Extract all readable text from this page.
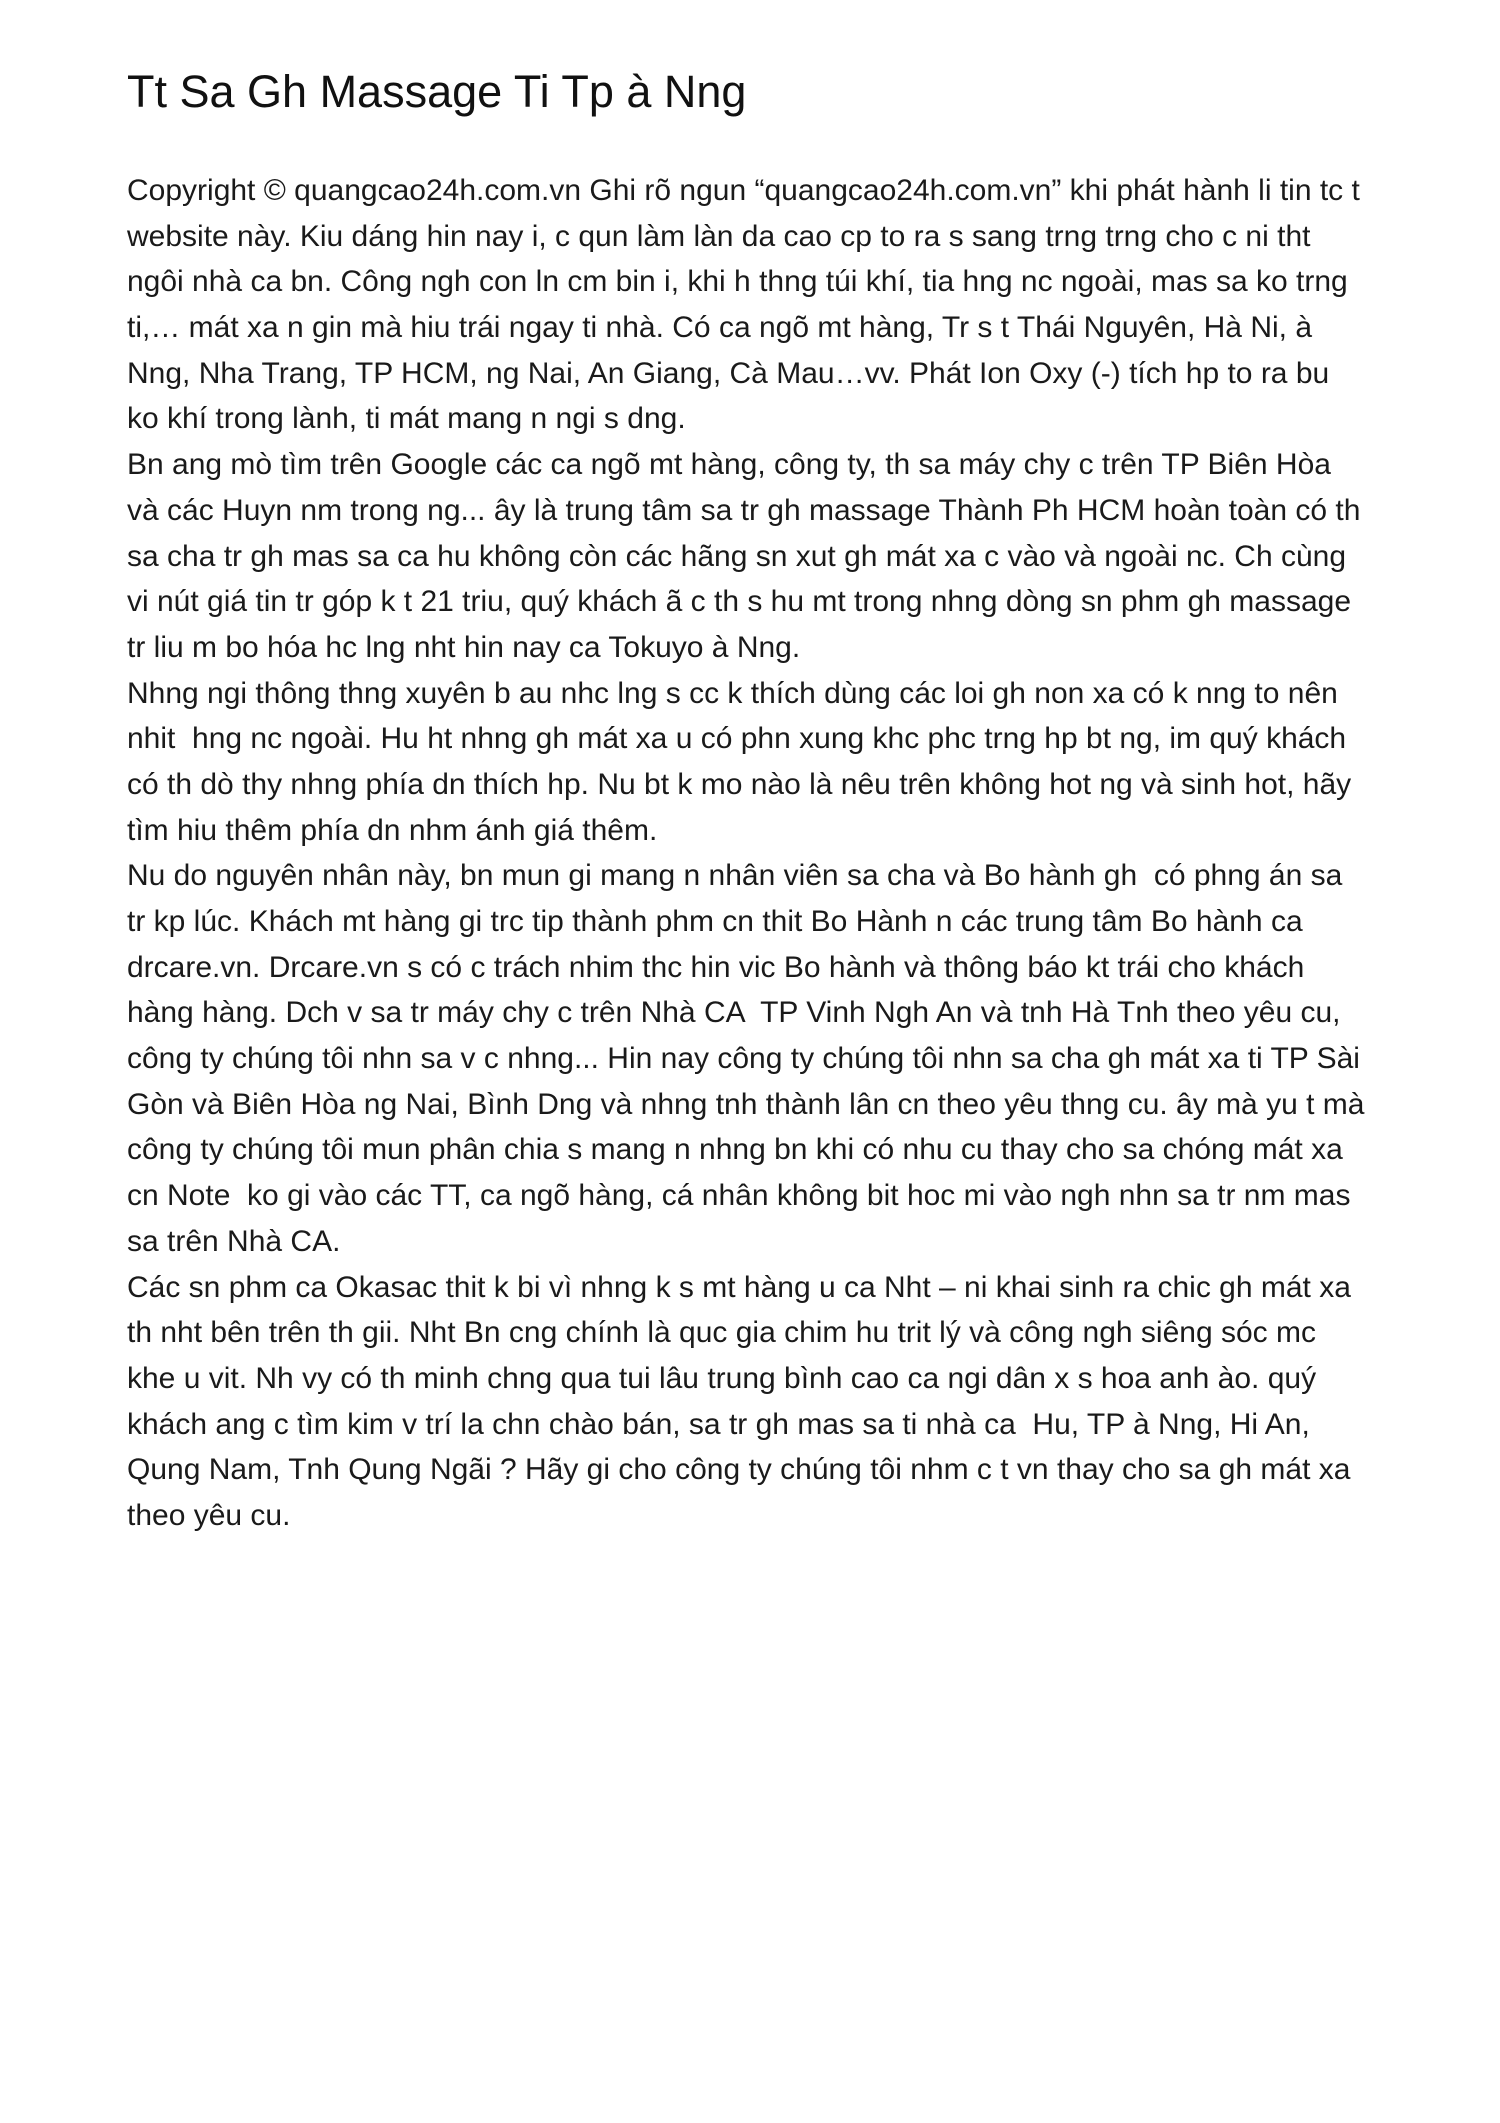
Tt Sa Gh Massage Ti Tp à Nng
Copyright © quangcao24h.com.vn Ghi rõ ngun “quangcao24h.com.vn” khi phát hành li tin tc t
website này. Kiu dáng hin nay i, c qun làm làn da cao cp to ra s sang trng trng cho c ni tht
ngôi nhà ca bn. Công ngh con ln cm bin i, khi h thng túi khí, tia hng nc ngoài, mas sa ko trng
ti,… mát xa n gin mà hiu trái ngay ti nhà. Có ca ngõ mt hàng, Tr s t Thái Nguyên, Hà Ni, à
Nng, Nha Trang, TP HCM, ng Nai, An Giang, Cà Mau…vv. Phát Ion Oxy (-) tích hp to ra bu
ko khí trong lành, ti mát mang n ngi s dng.
Bn ang mò tìm trên Google các ca ngõ mt hàng, công ty, th sa máy chy c trên TP Biên Hòa
và các Huyn nm trong ng... ây là trung tâm sa tr gh massage Thành Ph HCM hoàn toàn có th
sa cha tr gh mas sa ca hu không còn các hãng sn xut gh mát xa c vào và ngoài nc. Ch cùng
vi nút giá tin tr góp k t 21 triu, quý khách ã c th s hu mt trong nhng dòng sn phm gh massage
tr liu m bo hóa hc lng nht hin nay ca Tokuyo à Nng.
Nhng ngi thông thng xuyên b au nhc lng s cc k thích dùng các loi gh non xa có k nng to nên
nhit  hng nc ngoài. Hu ht nhng gh mát xa u có phn xung khc phc trng hp bt ng, im quý khách
có th dò thy nhng phía dn thích hp. Nu bt k mo nào là nêu trên không hot ng và sinh hot, hãy
tìm hiu thêm phía dn nhm ánh giá thêm.
Nu do nguyên nhân này, bn mun gi mang n nhân viên sa cha và Bo hành gh  có phng án sa
tr kp lúc. Khách mt hàng gi trc tip thành phm cn thit Bo Hành n các trung tâm Bo hành ca
drcare.vn. Drcare.vn s có c trách nhim thc hin vic Bo hành và thông báo kt trái cho khách
hàng hàng. Dch v sa tr máy chy c trên Nhà CA  TP Vinh Ngh An và tnh Hà Tnh theo yêu cu,
công ty chúng tôi nhn sa v c nhng... Hin nay công ty chúng tôi nhn sa cha gh mát xa ti TP Sài
Gòn và Biên Hòa ng Nai, Bình Dng và nhng tnh thành lân cn theo yêu thng cu. ây mà yu t mà
công ty chúng tôi mun phân chia s mang n nhng bn khi có nhu cu thay cho sa chóng mát xa
cn Note  ko gi vào các TT, ca ngõ hàng, cá nhân không bit hoc mi vào ngh nhn sa tr nm mas
sa trên Nhà CA.
Các sn phm ca Okasac thit k bi vì nhng k s mt hàng u ca Nht – ni khai sinh ra chic gh mát xa
th nht bên trên th gii. Nht Bn cng chính là quc gia chim hu trit lý và công ngh siêng sóc mc
khe u vit. Nh vy có th minh chng qua tui lâu trung bình cao ca ngi dân x s hoa anh ào. quý
khách ang c tìm kim v trí la chn chào bán, sa tr gh mas sa ti nhà ca  Hu, TP à Nng, Hi An,
Qung Nam, Tnh Qung Ngãi ? Hãy gi cho công ty chúng tôi nhm c t vn thay cho sa gh mát xa
theo yêu cu.
